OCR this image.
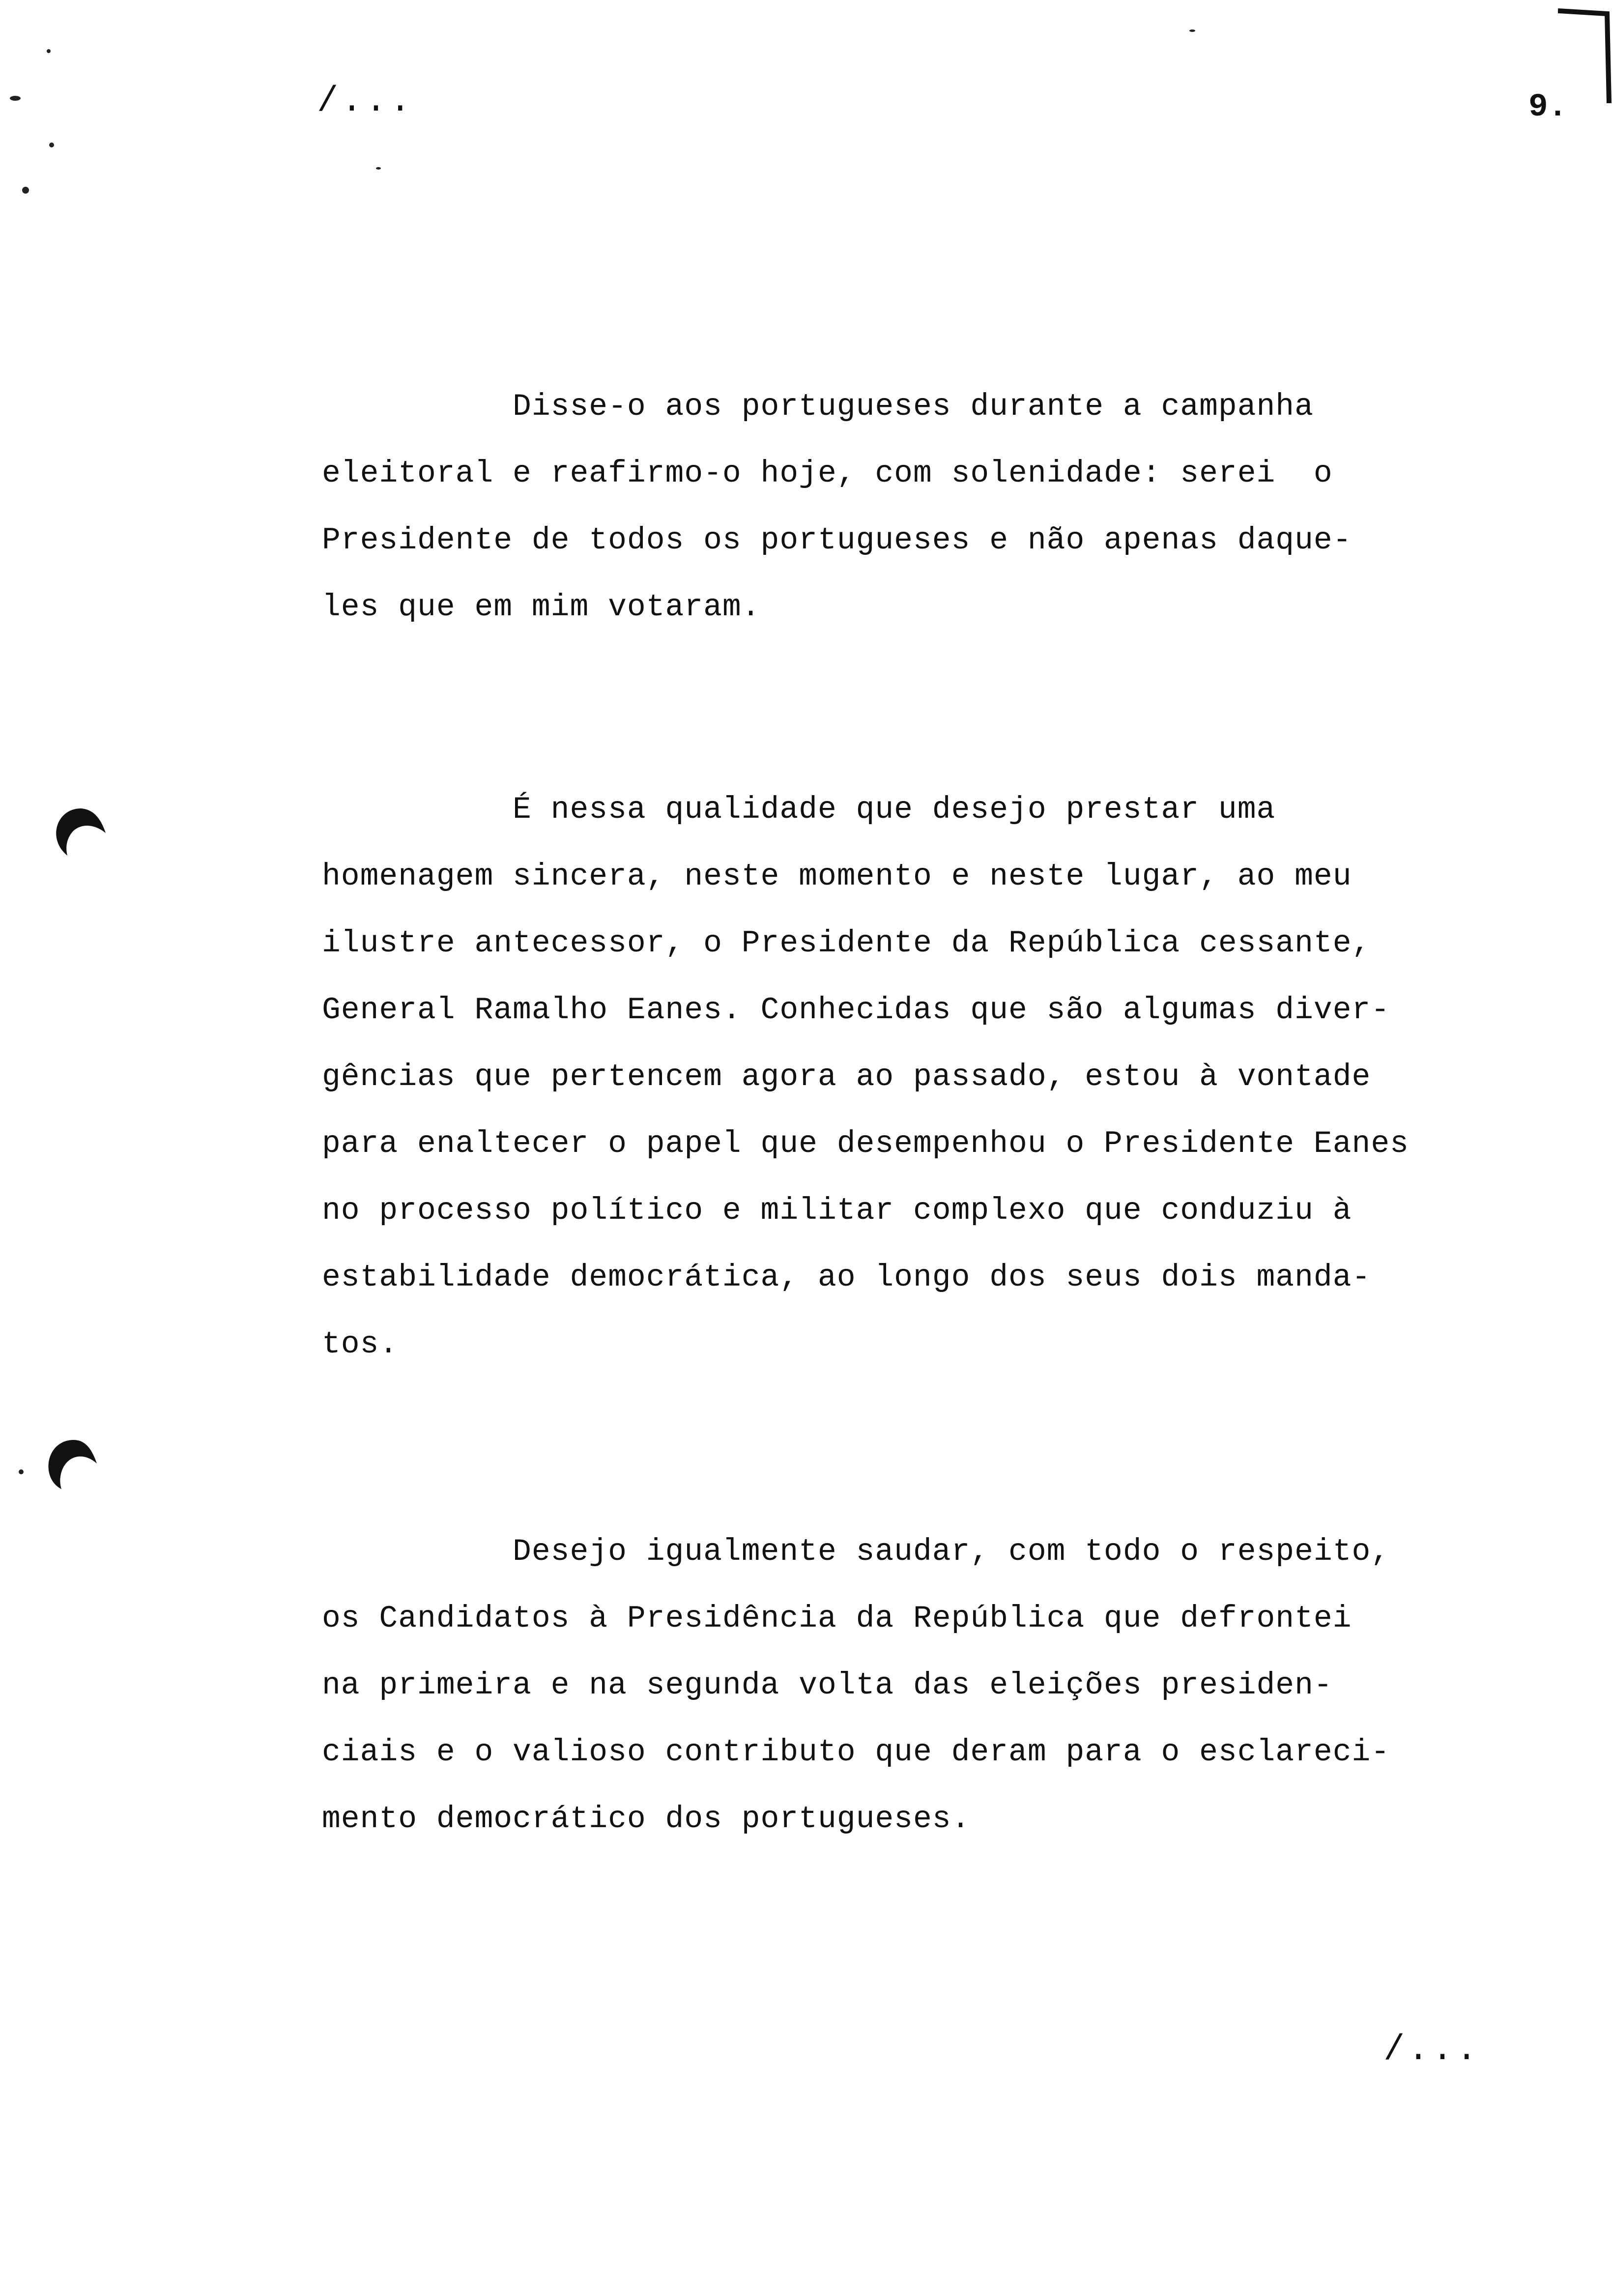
/...	9.
Disse-o aos portugueses durante a campanha
eleitoral e reafirmo-o hoje, com solenidade: serei  o
Presidente de todos os portugueses e não apenas daque-
les que em mim votaram.
É nessa qualidade que desejo prestar uma
homenagem sincera, neste momento e neste lugar, ao meu
ilustre antecessor, o Presidente da República cessante,
General Ramalho Eanes. Conhecidas que são algumas diver-
gências que pertencem agora ao passado, estou à vontade
para enaltecer o papel que desempenhou o Presidente Eanes
no processo político e militar complexo que conduziu à
estabilidade democrática, ao longo dos seus dois manda-
tos.
Desejo igualmente saudar, com todo o respeito,
os Candidatos à Presidência da República que defrontei
na primeira e na segunda volta das eleições presiden-
ciais e o valioso contributo que deram para o esclareci-
mento democrático dos portugueses.
/...
